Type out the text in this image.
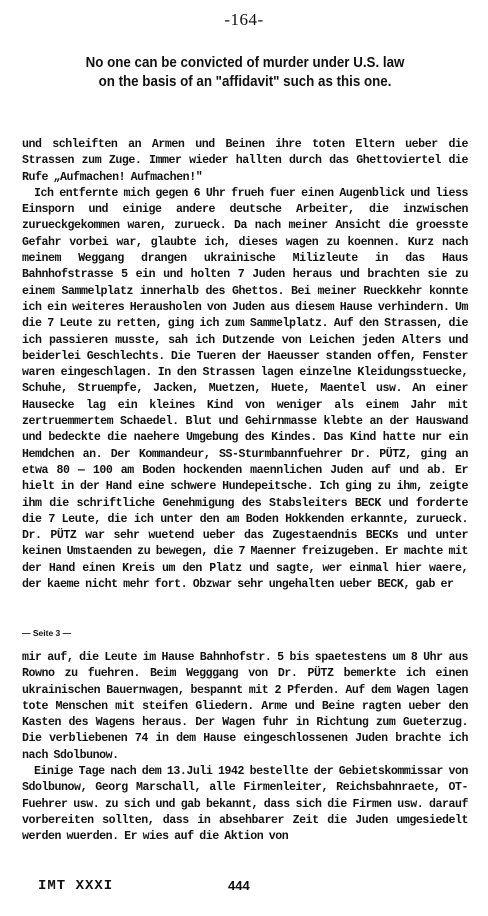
-164-
No one can be convicted of murder under U.S. law
on the basis of an "affidavit" such as this one.

und schleiften an Armen und Beinen ihre toten Eltern ueber die Strassen zum Zuge. Immer wieder hallten durch das Ghettoviertel die Rufe „Aufmachen! Aufmachen!"

Ich entfernte mich gegen 6 Uhr frueh fuer einen Augenblick und liess Einsporn und einige andere deutsche Arbeiter, die inzwischen zurueckgekommen waren, zurueck. Da nach meiner Ansicht die groesste Gefahr vorbei war, glaubte ich, dieses wagen zu koennen. Kurz nach meinem Weggang drangen ukrainische Milizleute in das Haus Bahnhofstrasse 5 ein und holten 7 Juden heraus und brachten sie zu einem Sammelplatz innerhalb des Ghettos. Bei meiner Rueckkehr konnte ich ein weiteres Herausholen von Juden aus diesem Hause verhindern. Um die 7 Leute zu retten, ging ich zum Sammelplatz. Auf den Strassen, die ich passieren musste, sah ich Dutzende von Leichen jeden Alters und beiderlei Geschlechts. Die Tueren der Haeusser standen offen, Fenster waren eingeschlagen. In den Strassen lagen einzelne Kleidungsstuecke, Schuhe, Struempfe, Jacken, Muetzen, Huete, Maentel usw. An einer Hausecke lag ein kleines Kind von weniger als einem Jahr mit zertruemmertem Schaedel. Blut und Gehirnmasse klebte an der Hauswand und bedeckte die naehere Umgebung des Kindes. Das Kind hatte nur ein Hemdchen an. Der Kommandeur, SS-Sturmbannfuehrer Dr. PÜTZ, ging an etwa 80 — 100 am Boden hockenden maennlichen Juden auf und ab. Er hielt in der Hand eine schwere Hundepeitsche. Ich ging zu ihm, zeigte ihm die schriftliche Genehmigung des Stabsleiters BECK und forderte die 7 Leute, die ich unter den am Boden Hokkenden erkannte, zurueck. Dr. PÜTZ war sehr wuetend ueber das Zugestaendnis BECKs und unter keinen Umstaenden zu bewegen, die 7 Maenner freizugeben. Er machte mit der Hand einen Kreis um den Platz und sagte, wer einmal hier waere, der kaeme nicht mehr fort. Obzwar sehr ungehalten ueber BECK, gab er

— Seite 3 —

mir auf, die Leute im Hause Bahnhofstr. 5 bis spaetestens um 8 Uhr aus Rowno zu fuehren. Beim Wegggang von Dr. PÜTZ bemerkte ich einen ukrainischen Bauernwagen, bespannt mit 2 Pferden. Auf dem Wagen lagen tote Menschen mit steifen Gliedern. Arme und Beine ragten ueber den Kasten des Wagens heraus. Der Wagen fuhr in Richtung zum Gueterzug. Die verbliebenen 74 in dem Hause eingeschlossenen Juden brachte ich nach Sdolbunow.

Einige Tage nach dem 13.Juli 1942 bestellte der Gebietskommissar von Sdolbunow, Georg Marschall, alle Firmenleiter, Reichsbahnraete, OT-Fuehrer usw. zu sich und gab bekannt, dass sich die Firmen usw. darauf vorbereiten sollten, dass in absehbarer Zeit die Juden umgesiedelt werden wuerden. Er wies auf die Aktion von

IMT XXXI	444
